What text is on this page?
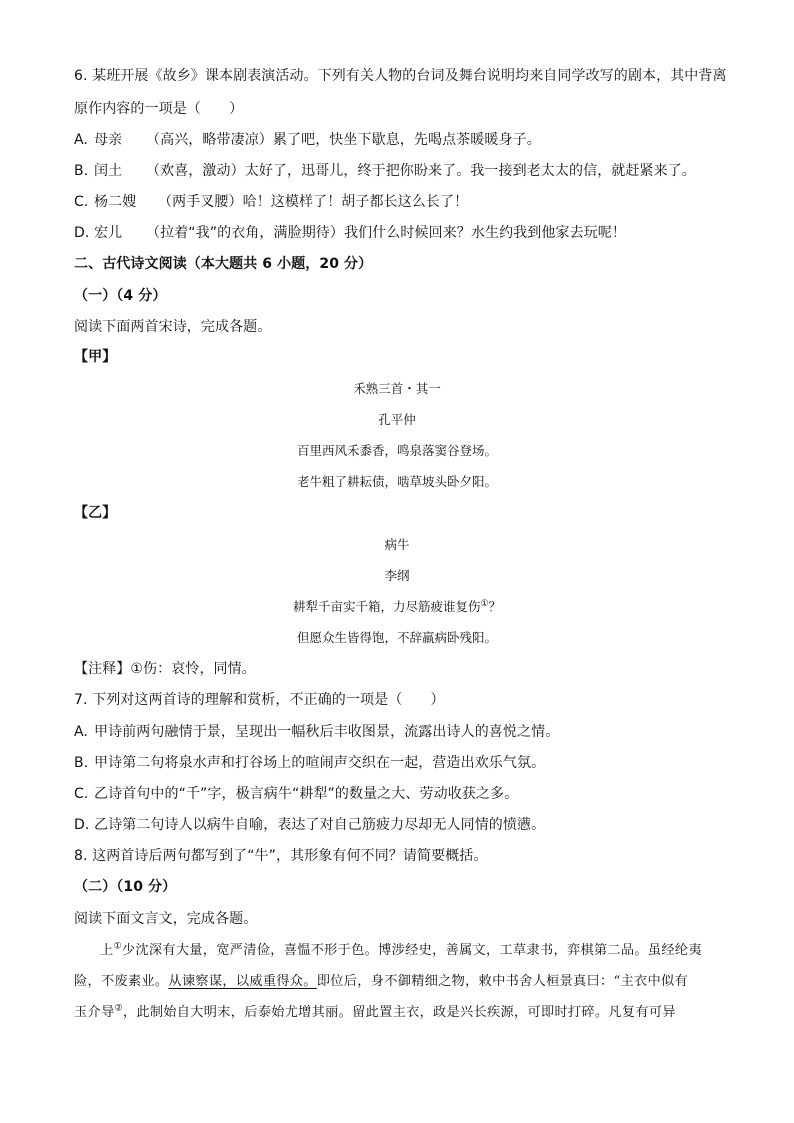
6. 某班开展《故乡》课本剧表演活动。下列有关人物的台词及舞台说明均来自同学改写的剧本，其中背离
原作内容的一项是（　　）
A. 母亲 （高兴，略带凄凉）累了吧，快坐下歇息，先喝点茶暖暖身子。
B. 闰土 （欢喜，激动）太好了，迅哥儿，终于把你盼来了。我一接到老太太的信，就赶紧来了。
C. 杨二嫂 （两手叉腰）哈！这模样了！胡子都长这么长了！
D. 宏儿 （拉着“我”的衣角，满脸期待）我们什么时候回来？水生约我到他家去玩呢！
二、古代诗文阅读（本大题共 6 小题，20 分）
（一）（4 分）
阅读下面两首宋诗，完成各题。
【甲】
禾熟三首・其一
孔平仲
百里西风禾黍香，鸣泉落窦谷登场。
老牛粗了耕耘债，啮草坡头卧夕阳。
【乙】
病牛
李纲
耕犁千亩实千箱，力尽筋疲谁复伤①？
但愿众生皆得饱，不辞羸病卧残阳。
【注释】①伤：哀怜，同情。
7. 下列对这两首诗的理解和赏析，不正确的一项是（　　）
A. 甲诗前两句融情于景，呈现出一幅秋后丰收图景，流露出诗人的喜悦之情。
B. 甲诗第二句将泉水声和打谷场上的喧闹声交织在一起，营造出欢乐气氛。
C. 乙诗首句中的“千”字，极言病牛“耕犁”的数量之大、劳动收获之多。
D. 乙诗第二句诗人以病牛自喻，表达了对自己筋疲力尽却无人同情的愤懑。
8. 这两首诗后两句都写到了“牛”，其形象有何不同？请简要概括。
（二）（10 分）
阅读下面文言文，完成各题。
上①少沈深有大量，宽严清俭，喜愠不形于色。博涉经史，善属文，工草隶书，弈棋第二品。虽经纶夷
险，不废素业。从谏察谋，以威重得众。即位后，身不御精细之物，敕中书舍人桓景真曰：“主衣中似有
玉介导②，此制始自大明末，后泰始尤增其丽。留此置主衣，政是兴长疾源，可即时打碎。凡复有可异
